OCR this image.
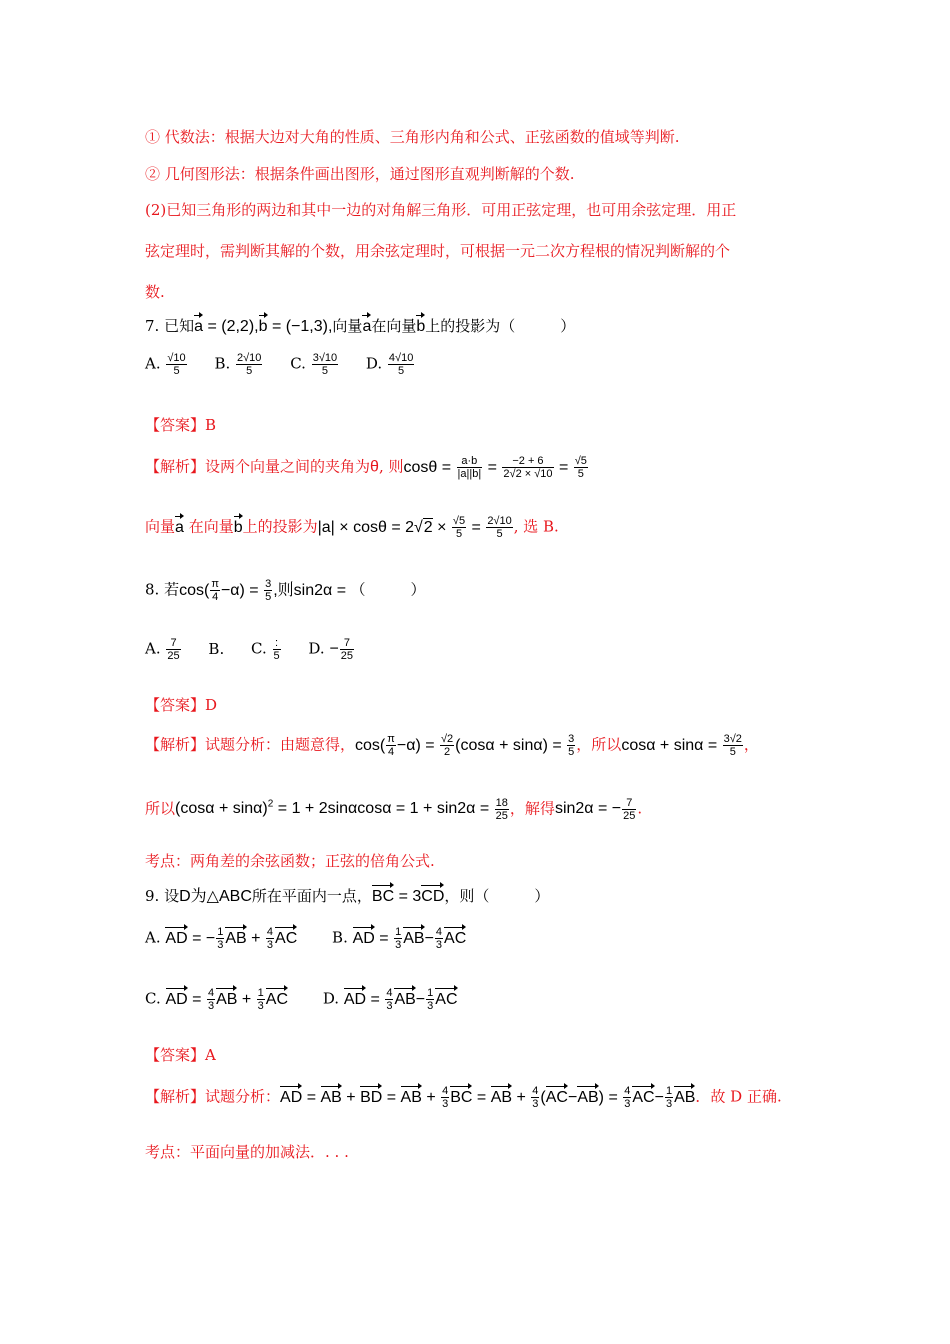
① 代数法：根据大边对大角的性质、三角形内角和公式、正弦函数的值域等判断.
② 几何图形法：根据条件画出图形，通过图形直观判断解的个数.
(2)已知三角形的两边和其中一边的对角解三角形．可用正弦定理，也可用余弦定理．用正
弦定理时，需判断其解的个数，用余弦定理时，可根据一元二次方程根的情况判断解的个
数.
7. 已知a = (2,2),b = (−1,3),向量a在向量b上的投影为（　　　）
A. $\frac{√10}{5} B$. $\frac{2√10}{5} C$. $\frac{3√10}{5} D$. $\frac{4√10}{5}$
【答案】B
【解析】设两个向量之间的夹角为θ, 则$\cos\theta = \frac{a\cdot b}{|a||b|} = \frac{-2 + 6}{2√2 \times √10} = \frac{√5}{5}$
向量a 在向量b上的投影为$|a| \times \cos\theta = 2√2 \times \frac{√5}{5} = \frac{2√10}{5}$ , 选 B.
8. 若$\cos( \frac{\pi}{4} -\alpha) = \frac{3}{5}$ ,则sin2α = （　　　）
A. $\frac{7}{25} B$. C. $\frac{:}{5} D$. − $\frac{7}{25}$
【答案】D
【解析】试题分析：由题意得，$\cos( \frac{\pi}{4} -\alpha) = \frac{√2}{2} (\cos\alpha + \sin\alpha) = \frac{3}{5}$ ，所以$\cos\alpha + \sin\alpha = \frac{3√2}{5}$ ，
所以$(\cos\alpha + \sin\alpha)^2 = 1 + 2\sin\alpha\cos\alpha = 1 + \sin 2\alpha = \frac{18}{25}$ ，解得sin2α = − $\frac{7}{25}$ .
考点：两角差的余弦函数；正弦的倍角公式.
9. 设D为△ABC所在平面内一点，BC = 3CD，则（　　　）
A. AD = − $\frac{1}{3}$ AB + $\frac{4}{3}$ AC B. AD = $\frac{1}{3} AB- \frac{4}{3}$ AC
C. AD = $\frac{4}{3}$ AB + $\frac{1}{3}$ AC D. AD = $\frac{4}{3} AB- \frac{1}{3}$ AC
【答案】A
【解析】试题分析：AD = AB + BD = AB + $\frac{4}{3}$ BC = AB + $\frac{4}{3} (AC-AB) = \frac{4}{3} AC- \frac{1}{3}$ AB．故 D 正确.
考点：平面向量的加减法．. . .
